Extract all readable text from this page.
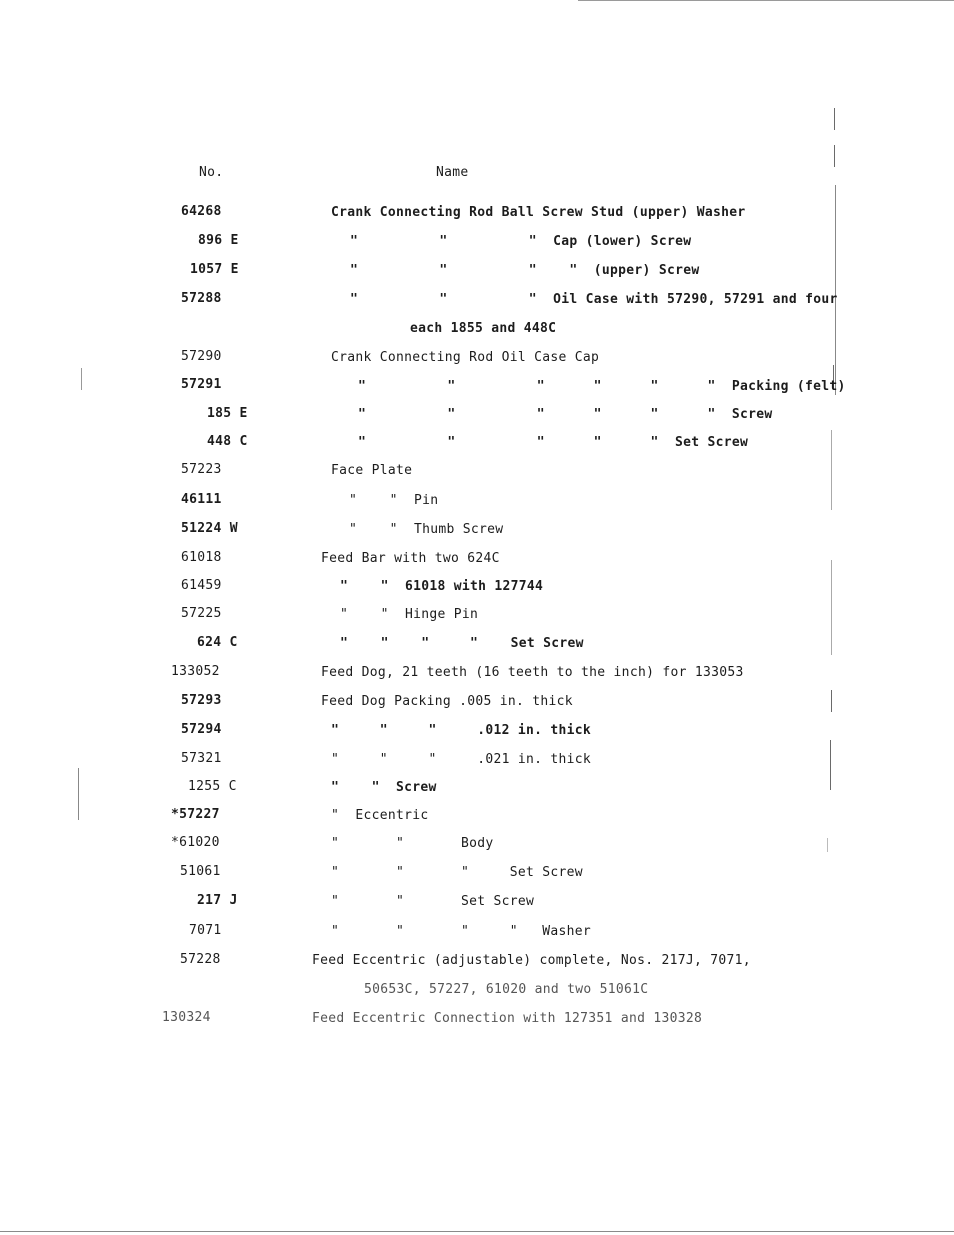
No.	Name
64268	Crank Connecting Rod Ball Screw Stud (upper) Washer
896 E	"          "          "  Cap (lower) Screw
1057 E	"          "          "    "  (upper) Screw
57288	"          "          "  Oil Case with 57290, 57291 and four
each 1855 and 448C
57290	Crank Connecting Rod Oil Case Cap
57291	"          "          "      "      "      "  Packing (felt)
185 E	"          "          "      "      "      "  Screw
448 C	"          "          "      "      "  Set Screw
57223	Face Plate
46111	"    "  Pin
51224 W	"    "  Thumb Screw
61018	Feed Bar with two 624C
61459	"    "  61018 with 127744
57225	"    "  Hinge Pin
624 C	"    "    "     "    Set Screw
133052	Feed Dog, 21 teeth (16 teeth to the inch) for 133053
57293	Feed Dog Packing .005 in. thick
57294	"     "     "     .012 in. thick
57321	"     "     "     .021 in. thick
1255 C	"    "  Screw
*57227	"  Eccentric
*61020	"       "       Body
51061	"       "       "     Set Screw
217 J	"       "       Set Screw
7071	"       "       "     "   Washer
57228	Feed Eccentric (adjustable) complete, Nos. 217J, 7071,
50653C, 57227, 61020 and two 51061C
130324	Feed Eccentric Connection with 127351 and 130328
